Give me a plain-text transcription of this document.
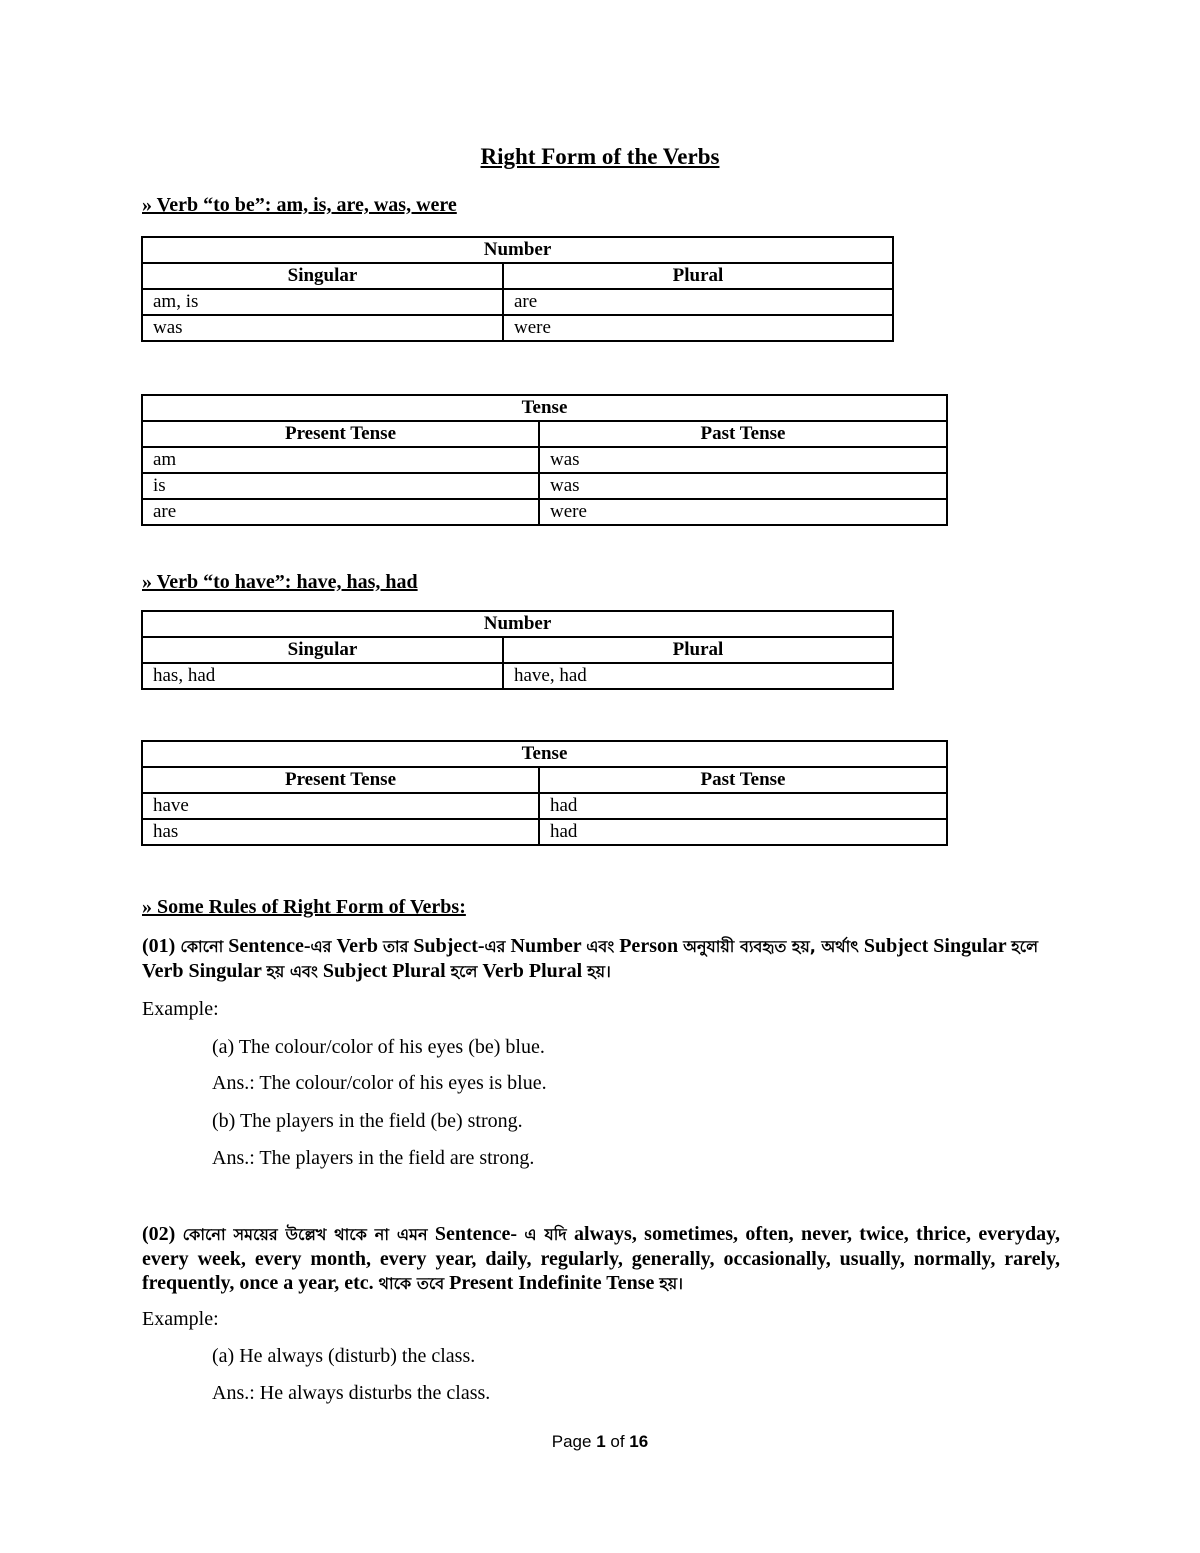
Right Form of the Verbs
» Verb “to be”: am, is, are, was, were
Number	
Singular	Plural
am, is	are
was	were
Tense	
Present Tense	Past Tense
am	was
is	was
are	were
» Verb “to have”: have, has, had
Number	
Singular	Plural
has, had	have, had
Tense	
Present Tense	Past Tense
have	had
has	had
» Some Rules of Right Form of Verbs:
(01) কোনো Sentence-এর Verb তার Subject-এর Number এবং Person অনুযায়ী ব্যবহৃত হয়, অর্থাৎ Subject Singular হলে Verb Singular হয় এবং Subject Plural হলে Verb Plural হয়।
Example:
(a) The colour/color of his eyes (be) blue.
Ans.: The colour/color of his eyes is blue.
(b) The players in the field (be) strong.
Ans.: The players in the field are strong.
(02) কোনো সময়ের উল্লেখ থাকে না এমন Sentence- এ যদি always, sometimes, often, never, twice, thrice, everyday, every week, every month, every year, daily, regularly, generally, occasionally, usually, normally, rarely, frequently, once a year, etc. থাকে তবে Present Indefinite Tense হয়।
Example:
(a) He always (disturb) the class.
Ans.: He always disturbs the class.
Page 1 of 16
